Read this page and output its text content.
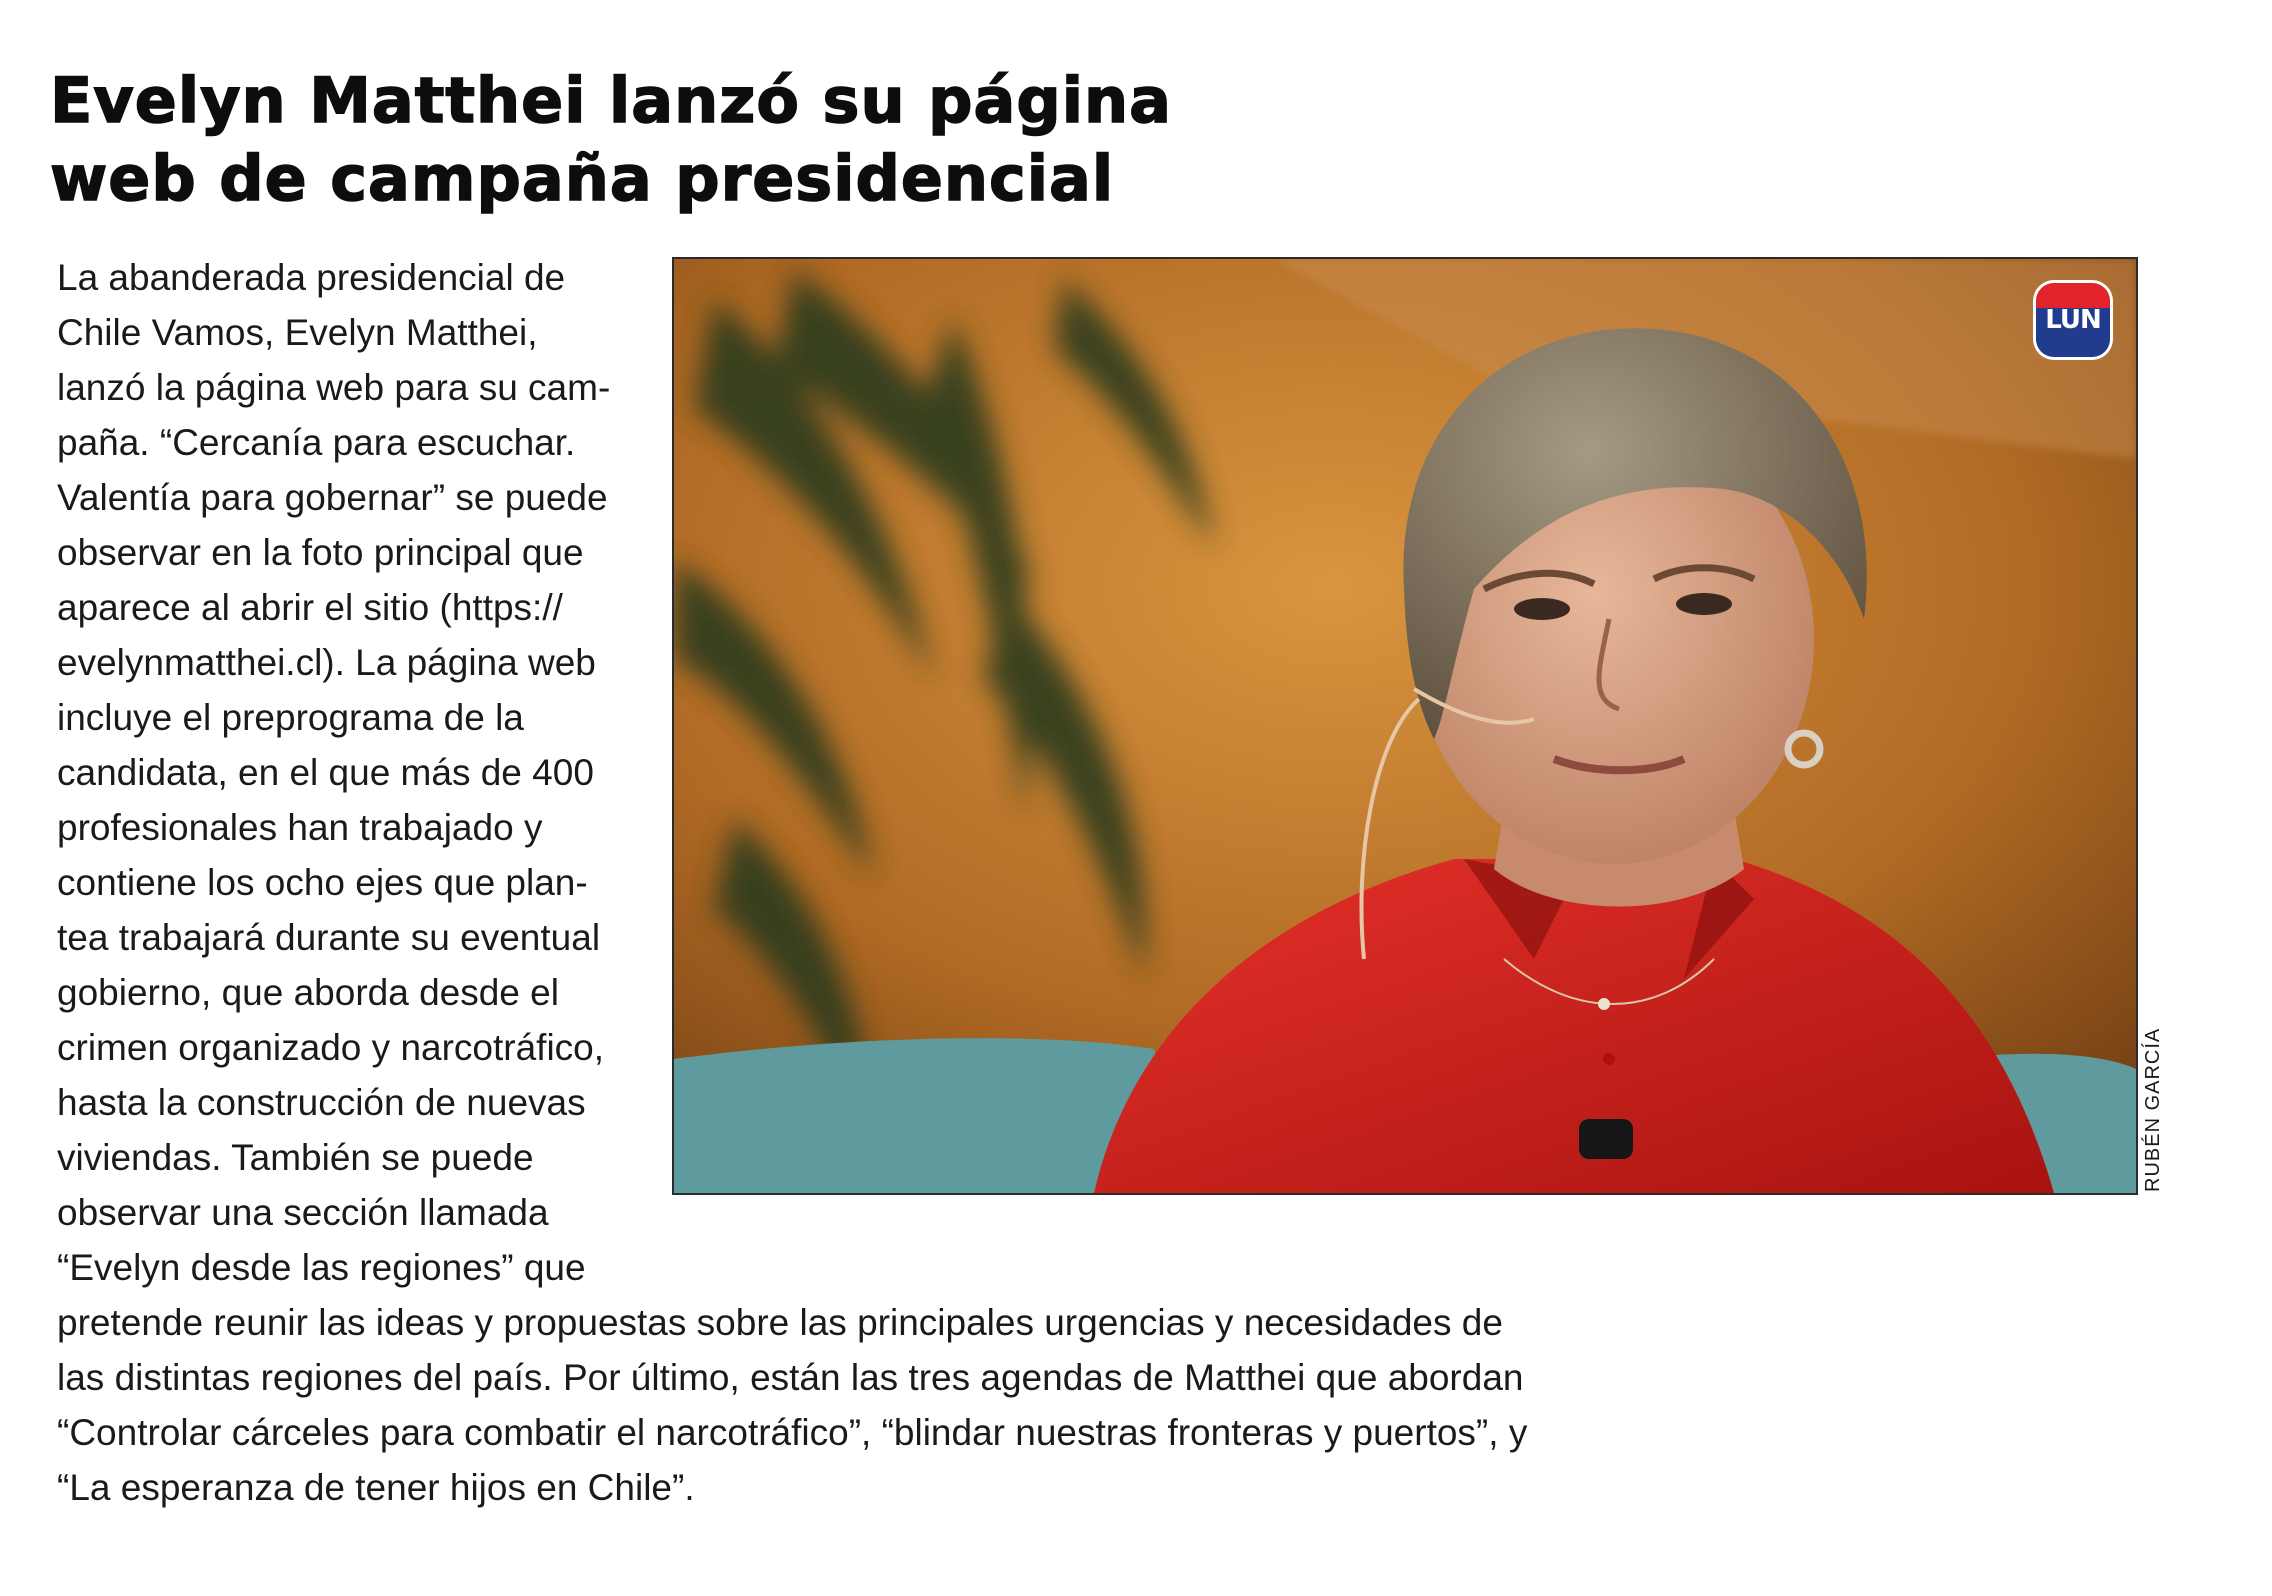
Evelyn Matthei lanzó su página
web de campaña presidencial
La abanderada presidencial de
Chile Vamos, Evelyn Matthei,
lanzó la página web para su cam-
paña. “Cercanía para escuchar.
Valentía para gobernar” se puede
observar en la foto principal que
aparece al abrir el sitio (https://
evelynmatthei.cl). La página web
incluye el preprograma de la
candidata, en el que más de 400
profesionales han trabajado y
contiene los ocho ejes que plan-
tea trabajará durante su eventual
gobierno, que aborda desde el
crimen organizado y narcotráfico,
hasta la construcción de nuevas
viviendas. También se puede
observar una sección llamada
“Evelyn desde las regiones” que
pretende reunir las ideas y propuestas sobre las principales urgencias y necesidades de
las distintas regiones del país. Por último, están las tres agendas de Matthei que abordan
“Controlar cárceles para combatir el narcotráfico”, “blindar nuestras fronteras y puertos”, y
“La esperanza de tener hijos en Chile”.
LUN
RUBÉN GARCÍA
